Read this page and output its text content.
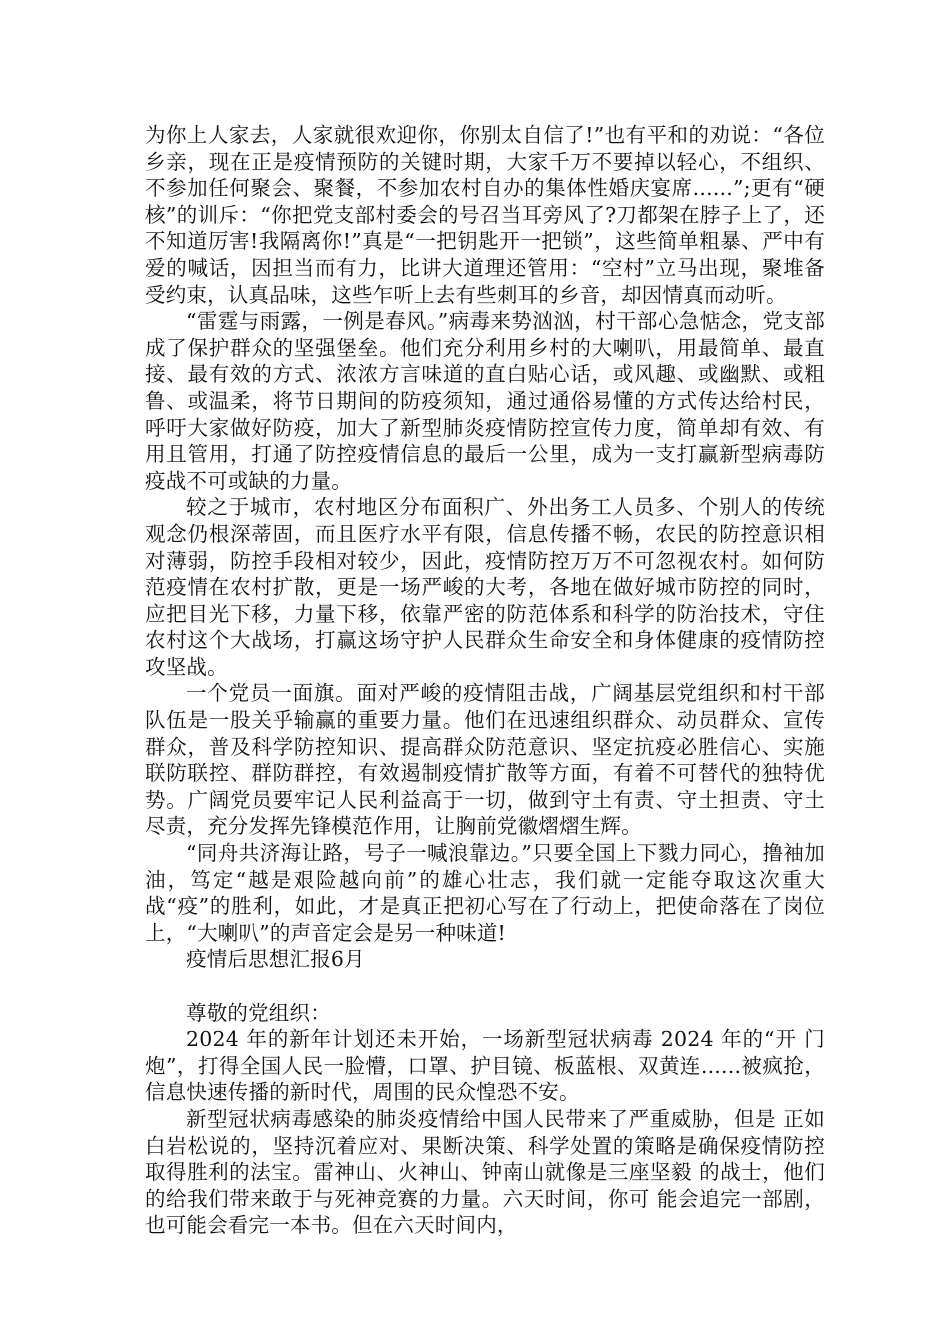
为你上人家去，人家就很欢迎你，你别太自信了!”也有平和的劝说：“各位乡亲，现在正是疫情预防的关键时期，大家千万不要掉以轻心，不组织、不参加任何聚会、聚餐，不参加农村自办的集体性婚庆宴席......”;更有“硬核”的训斥：“你把党支部村委会的号召当耳旁风了?刀都架在脖子上了，还不知道厉害!我隔离你!”真是“一把钥匙开一把锁”，这些简单粗暴、严中有爱的喊话，因担当而有力，比讲大道理还管用：“空村”立马出现，聚堆备受约束，认真品味，这些乍听上去有些刺耳的乡音，却因情真而动听。

“雷霆与雨露，一例是春风。”病毒来势汹汹，村干部心急惦念，党支部成了保护群众的坚强堡垒。他们充分利用乡村的大喇叭，用最简单、最直接、最有效的方式、浓浓方言味道的直白贴心话，或风趣、或幽默、或粗鲁、或温柔，将节日期间的防疫须知，通过通俗易懂的方式传达给村民，呼吁大家做好防疫，加大了新型肺炎疫情防控宣传力度，简单却有效、有用且管用，打通了防控疫情信息的最后一公里，成为一支打赢新型病毒防疫战不可或缺的力量。

较之于城市，农村地区分布面积广、外出务工人员多、个别人的传统观念仍根深蒂固，而且医疗水平有限，信息传播不畅，农民的防控意识相对薄弱，防控手段相对较少，因此，疫情防控万万不可忽视农村。如何防范疫情在农村扩散，更是一场严峻的大考，各地在做好城市防控的同时，应把目光下移，力量下移，依靠严密的防范体系和科学的防治技术，守住农村这个大战场，打赢这场守护人民群众生命安全和身体健康的疫情防控攻坚战。

一个党员一面旗。面对严峻的疫情阻击战，广阔基层党组织和村干部队伍是一股关乎输赢的重要力量。他们在迅速组织群众、动员群众、宣传群众，普及科学防控知识、提高群众防范意识、坚定抗疫必胜信心、实施联防联控、群防群控，有效遏制疫情扩散等方面，有着不可替代的独特优势。广阔党员要牢记人民利益高于一切，做到守土有责、守土担责、守土尽责，充分发挥先锋模范作用，让胸前党徽熠熠生辉。

“同舟共济海让路，号子一喊浪靠边。”只要全国上下戮力同心，撸袖加油，笃定“越是艰险越向前”的雄心壮志，我们就一定能夺取这次重大战“疫”的胜利，如此，才是真正把初心写在了行动上，把使命落在了岗位上，“大喇叭”的声音定会是另一种味道!

疫情后思想汇报6月

尊敬的党组织：

2024 年的新年计划还未开始，一场新型冠状病毒 2024 年的“开 门炮”，打得全国人民一脸懵，口罩、护目镜、板蓝根、双黄连......被疯抢，信息快速传播的新时代，周围的民众惶恐不安。

新型冠状病毒感染的肺炎疫情给中国人民带来了严重威胁，但是 正如白岩松说的，坚持沉着应对、果断决策、科学处置的策略是确保疫情防控取得胜利的法宝。雷神山、火神山、钟南山就像是三座坚毅 的战士，他们的给我们带来敢于与死神竞赛的力量。六天时间，你可 能会追完一部剧，也可能会看完一本书。但在六天时间内，
